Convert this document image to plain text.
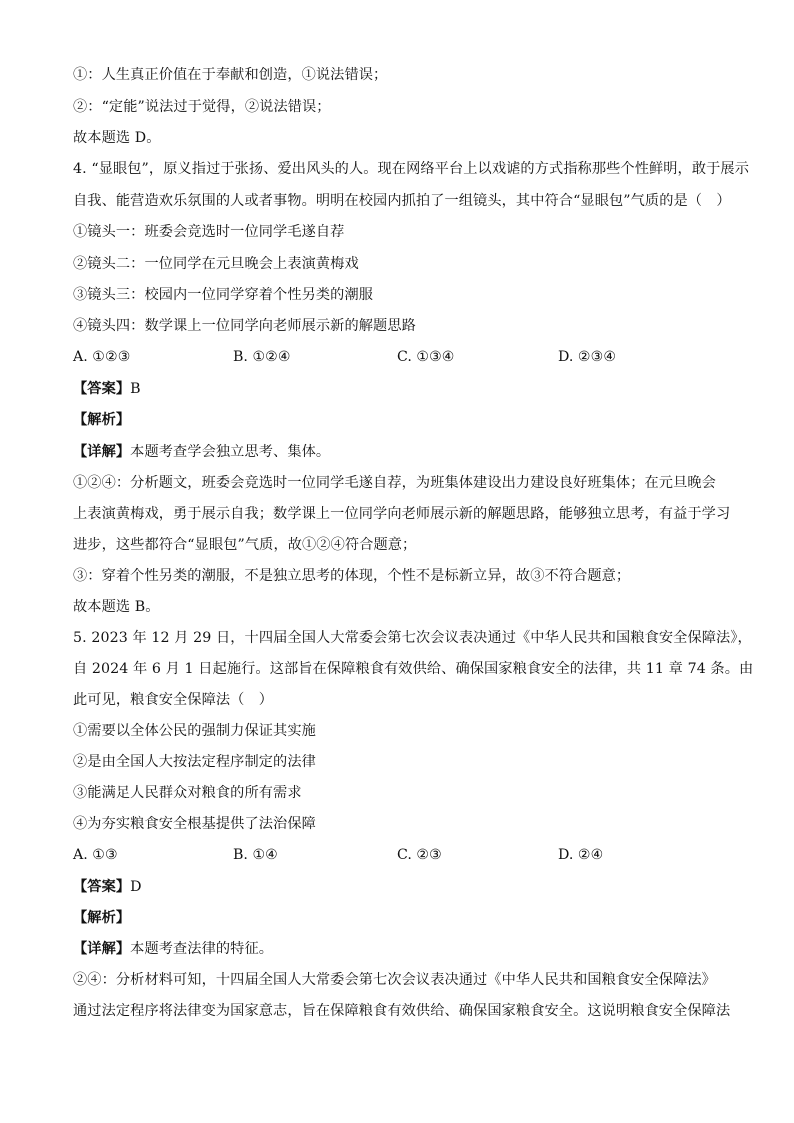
①：人生真正价值在于奉献和创造，①说法错误；
②：“定能”说法过于觉得，②说法错误；
故本题选 D。
4. “显眼包”，原义指过于张扬、爱出风头的人。现在网络平台上以戏谑的方式指称那些个性鲜明，敢于展示
自我、能营造欢乐氛围的人或者事物。明明在校园内抓拍了一组镜头，其中符合“显眼包”气质的是（　）
①镜头一：班委会竞选时一位同学毛遂自荐
②镜头二：一位同学在元旦晚会上表演黄梅戏
③镜头三：校园内一位同学穿着个性另类的潮服
④镜头四：数学课上一位同学向老师展示新的解题思路
A. ①②③	B. ①②④	C. ①③④	D. ②③④
【答案】B
【解析】
【详解】本题考查学会独立思考、集体。
①②④：分析题文，班委会竞选时一位同学毛遂自荐，为班集体建设出力建设良好班集体；在元旦晚会
上表演黄梅戏，勇于展示自我；数学课上一位同学向老师展示新的解题思路，能够独立思考，有益于学习
进步，这些都符合“显眼包”气质，故①②④符合题意；
③：穿着个性另类的潮服，不是独立思考的体现，个性不是标新立异，故③不符合题意；
故本题选 B。
5. 2023 年 12 月 29 日，十四届全国人大常委会第七次会议表决通过《中华人民共和国粮食安全保障法》，
自 2024 年 6 月 1 日起施行。这部旨在保障粮食有效供给、确保国家粮食安全的法律，共 11 章 74 条。由
此可见，粮食安全保障法（　）
①需要以全体公民的强制力保证其实施
②是由全国人大按法定程序制定的法律
③能满足人民群众对粮食的所有需求
④为夯实粮食安全根基提供了法治保障
A. ①③	B. ①④	C. ②③	D. ②④
【答案】D
【解析】
【详解】本题考查法律的特征。
②④：分析材料可知，十四届全国人大常委会第七次会议表决通过《中华人民共和国粮食安全保障法》
通过法定程序将法律变为国家意志，旨在保障粮食有效供给、确保国家粮食安全。这说明粮食安全保障法
